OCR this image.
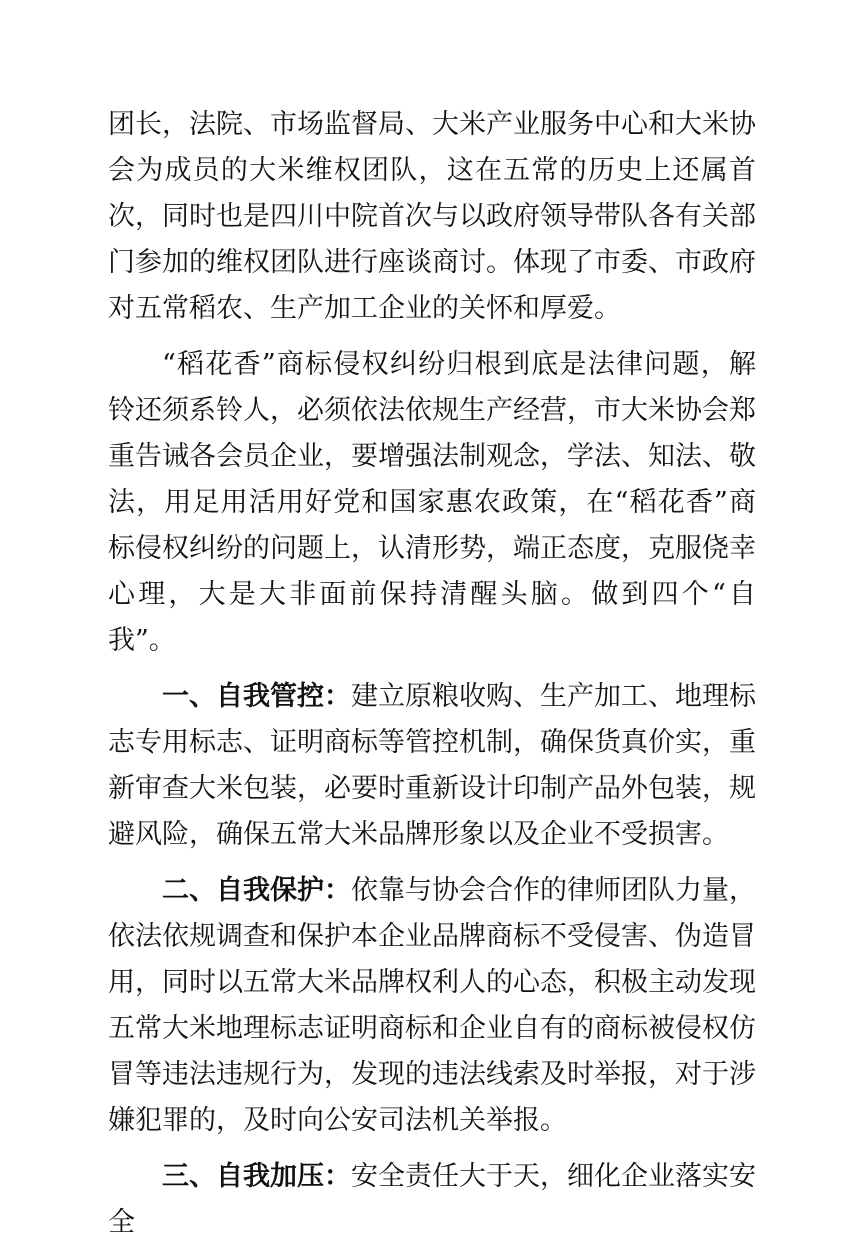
团长，法院、市场监督局、大米产业服务中心和大米协会为成员的大米维权团队，这在五常的历史上还属首次，同时也是四川中院首次与以政府领导带队各有关部门参加的维权团队进行座谈商讨。体现了市委、市政府对五常稻农、生产加工企业的关怀和厚爱。

“稻花香”商标侵权纠纷归根到底是法律问题，解铃还须系铃人，必须依法依规生产经营，市大米协会郑重告诫各会员企业，要增强法制观念，学法、知法、敬法，用足用活用好党和国家惠农政策，在“稻花香”商标侵权纠纷的问题上，认清形势，端正态度，克服侥幸心理，大是大非面前保持清醒头脑。做到四个“自我”。

一、自我管控：建立原粮收购、生产加工、地理标志专用标志、证明商标等管控机制，确保货真价实，重新审查大米包装，必要时重新设计印制产品外包装，规避风险，确保五常大米品牌形象以及企业不受损害。

二、自我保护：依靠与协会合作的律师团队力量，依法依规调查和保护本企业品牌商标不受侵害、伪造冒用，同时以五常大米品牌权利人的心态，积极主动发现五常大米地理标志证明商标和企业自有的商标被侵权仿冒等违法违规行为，发现的违法线索及时举报，对于涉嫌犯罪的，及时向公安司法机关举报。

三、自我加压：安全责任大于天，细化企业落实安全
